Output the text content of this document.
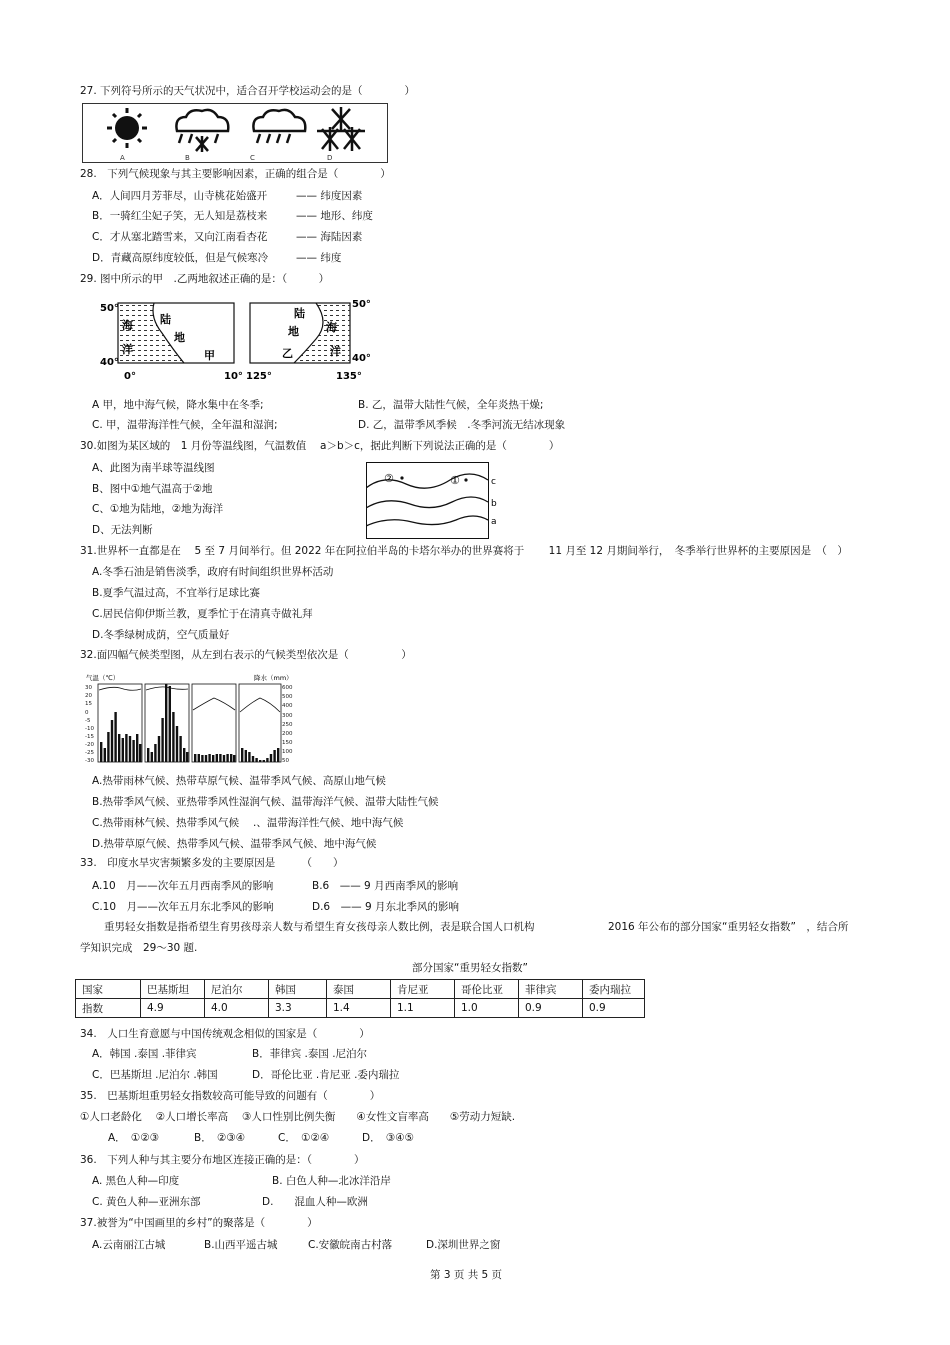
27. 下列符号所示的天气状况中，适合召开学校运动会的是（　　　　）
A	B	C	D
28.　下列气候现象与其主要影响因素，正确的组合是（　　　　）
A．人间四月芳菲尽，山寺桃花始盛开	—— 纬度因素
B．一骑红尘妃子笑，无人知是荔枝来	—— 地形、纬度
C．才从塞北踏雪来，又向江南看杏花	—— 海陆因素
D．青藏高原纬度较低，但是气候寒冷	—— 纬度
29. 图中所示的甲　.乙两地叙述正确的是：（　　　）
50°
40°
0°	10°
海
洋
陆
地
甲
50°
40°
125°	135°
海
洋
陆
地
乙
A 甲，地中海气候，降水集中在冬季;	B. 乙，温带大陆性气候，全年炎热干燥;
C. 甲，温带海洋性气候，全年温和湿润;	D. 乙，温带季风季候　.冬季河流无结冰现象
30.如图为某区域的　1 月份等温线图，气温数值　 a＞b＞c，据此判断下列说法正确的是（　　　　）
A、此图为南半球等温线图
B、图中①地气温高于②地
C、①地为陆地，②地为海洋
D、无法判断
②	①	c
b
a
31.世界杯一直都是在　 5 至 7 月间举行。但 2022 年在阿拉伯半岛的卡塔尔举办的世界赛将于　　 11 月至 12 月期间举行，　冬季举行世界杯的主要原因是　（　）
A.冬季石油是销售淡季，政府有时间组织世界杯活动
B.夏季气温过高，不宜举行足球比赛
C.居民信仰伊斯兰教，夏季忙于在清真寺做礼拜
D.冬季绿树成荫，空气质量好
32.面四幅气候类型图，从左到右表示的气候类型依次是（　　　　　）
气温（℃）	降水（mm）
30
20
15
0
-5
-10
-15
-20
-25
-30
600
500
400
300
250
200
150
100
50
A.热带雨林气候、热带草原气候、温带季风气候、高原山地气候
B.热带季风气候、亚热带季风性湿润气候、温带海洋气候、温带大陆性气候
C.热带雨林气候、热带季风气候　 .、温带海洋性气候、地中海气候
D.热带草原气候、热带季风气候、温带季风气候、地中海气候
33.　印度水旱灾害频繁多发的主要原因是　　　（　　）
A.10　月——次年五月西南季风的影响	B.6　—— 9 月西南季风的影响
C.10　月——次年五月东北季风的影响	D.6　—— 9 月东北季风的影响
重男轻女指数是指希望生育男孩母亲人数与希望生育女孩母亲人数比例，表是联合国人口机构　　　　　　　2016 年公布的部分国家“重男轻女指数”　，结合所
学知识完成　29～30 题.
部分国家“重男轻女指数”
国家	巴基斯坦	尼泊尔	韩国	泰国	肯尼亚	哥伦比亚	菲律宾	委内瑞拉
指数	4.9	4.0	3.3	1.4	1.1	1.0	0.9	0.9
34.　人口生育意愿与中国传统观念相似的国家是（　　　　）
A．韩国 .泰国 .菲律宾	B．菲律宾 .泰国 .尼泊尔
C．巴基斯坦 .尼泊尔 .韩国	D．哥伦比亚 .肯尼亚 .委内瑞拉
35.　巴基斯坦重男轻女指数较高可能导致的问题有（　　　　）
①人口老龄化　 ②人口增长率高　 ③人口性别比例失衡　　④女性文盲率高　　⑤劳动力短缺.
A．　①②③	B．　②③④	C．　①②④	D．　③④⑤
36.　下列人种与其主要分布地区连接正确的是：（　　　　）
A. 黑色人种—印度	B. 白色人种—北冰洋沿岸
C. 黄色人种—亚洲东部	D.　　混血人种—欧洲
37.被誉为“中国画里的乡村”的聚落是（　　　　）
A.云南丽江古城	B.山西平遥古城	C.安徽皖南古村落	D.深圳世界之窗
第 3 页 共 5 页
